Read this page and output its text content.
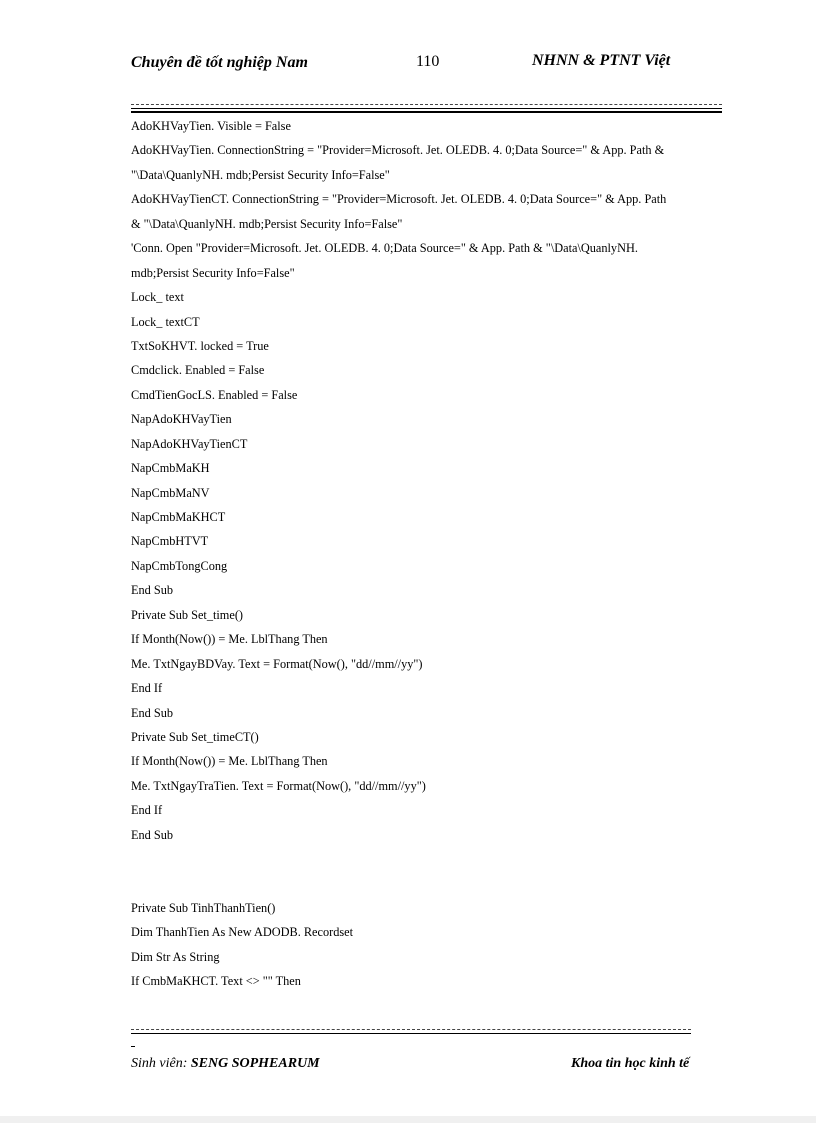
Chuyên đề tốt nghiệp Nam	110	NHNN & PTNT Việt
AdoKHVayTien. Visible = False
AdoKHVayTien. ConnectionString = "Provider=Microsoft. Jet. OLEDB. 4. 0;Data Source=" & App. Path &
"\Data\QuanlyNH. mdb;Persist Security Info=False"
AdoKHVayTienCT. ConnectionString = "Provider=Microsoft. Jet. OLEDB. 4. 0;Data Source=" & App. Path
& "\Data\QuanlyNH. mdb;Persist Security Info=False"
'Conn. Open "Provider=Microsoft. Jet. OLEDB. 4. 0;Data Source=" & App. Path & "\Data\QuanlyNH.
mdb;Persist Security Info=False"
Lock_ text
Lock_ textCT
TxtSoKHVT. locked = True
Cmdclick. Enabled = False
CmdTienGocLS. Enabled = False
NapAdoKHVayTien
NapAdoKHVayTienCT
NapCmbMaKH
NapCmbMaNV
NapCmbMaKHCT
NapCmbHTVT
NapCmbTongCong
End Sub
Private Sub Set_time()
If Month(Now()) = Me. LblThang Then
Me. TxtNgayBDVay. Text = Format(Now(), "dd//mm//yy")
End If
End Sub
Private Sub Set_timeCT()
If Month(Now()) = Me. LblThang Then
Me. TxtNgayTraTien. Text = Format(Now(), "dd//mm//yy")
End If
End Sub
Private Sub TinhThanhTien()
Dim ThanhTien As New ADODB. Recordset
Dim Str As String
If CmbMaKHCT. Text <> "" Then
Sinh viên: SENG SOPHEARUM	Khoa tin học kinh tế
